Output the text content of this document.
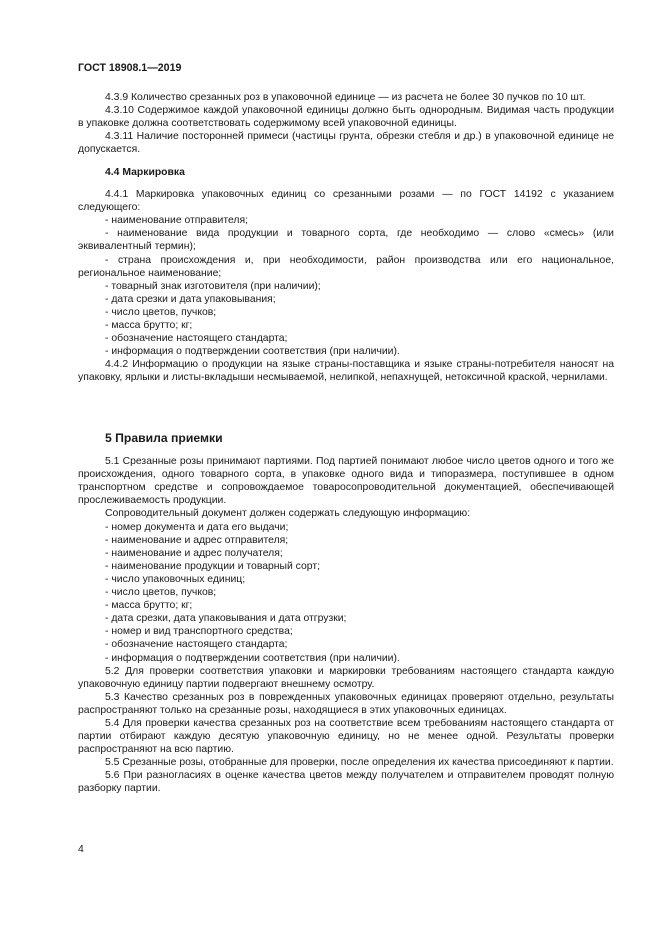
ГОСТ 18908.1—2019
4.3.9 Количество срезанных роз в упаковочной единице — из расчета не более 30 пучков по 10 шт.
4.3.10 Содержимое каждой упаковочной единицы должно быть однородным. Видимая часть продукции в упаковке должна соответствовать содержимому всей упаковочной единицы.
4.3.11 Наличие посторонней примеси (частицы грунта, обрезки стебля и др.) в упаковочной единице не допускается.
4.4 Маркировка
4.4.1 Маркировка упаковочных единиц со срезанными розами — по ГОСТ 14192 с указанием следующего:
- наименование отправителя;
- наименование вида продукции и товарного сорта, где необходимо — слово «смесь» (или эквивалентный термин);
- страна происхождения и, при необходимости, район производства или его национальное, региональное наименование;
- товарный знак изготовителя (при наличии);
- дата срезки и дата упаковывания;
- число цветов, пучков;
- масса брутто; кг;
- обозначение настоящего стандарта;
- информация о подтверждении соответствия (при наличии).
4.4.2 Информацию о продукции на языке страны-поставщика и языке страны-потребителя наносят на упаковку, ярлыки и листы-вкладыши несмываемой, нелипкой, непахнущей, нетоксичной краской, чернилами.
5 Правила приемки
5.1 Срезанные розы принимают партиями. Под партией понимают любое число цветов одного и того же происхождения, одного товарного сорта, в упаковке одного вида и типоразмера, поступившее в одном транспортном средстве и сопровождаемое товаросопроводительной документацией, обеспечивающей прослеживаемость продукции.
Сопроводительный документ должен содержать следующую информацию:
- номер документа и дата его выдачи;
- наименование и адрес отправителя;
- наименование и адрес получателя;
- наименование продукции и товарный сорт;
- число упаковочных единиц;
- число цветов, пучков;
- масса брутто; кг;
- дата срезки, дата упаковывания и дата отгрузки;
- номер и вид транспортного средства;
- обозначение настоящего стандарта;
- информация о подтверждении соответствия (при наличии).
5.2 Для проверки соответствия упаковки и маркировки требованиям настоящего стандарта каждую упаковочную единицу партии подвергают внешнему осмотру.
5.3 Качество срезанных роз в поврежденных упаковочных единицах проверяют отдельно, результаты распространяют только на срезанные розы, находящиеся в этих упаковочных единицах.
5.4 Для проверки качества срезанных роз на соответствие всем требованиям настоящего стандарта от партии отбирают каждую десятую упаковочную единицу, но не менее одной. Результаты проверки распространяют на всю партию.
5.5 Срезанные розы, отобранные для проверки, после определения их качества присоединяют к партии.
5.6 При разногласиях в оценке качества цветов между получателем и отправителем проводят полную разборку партии.
4
